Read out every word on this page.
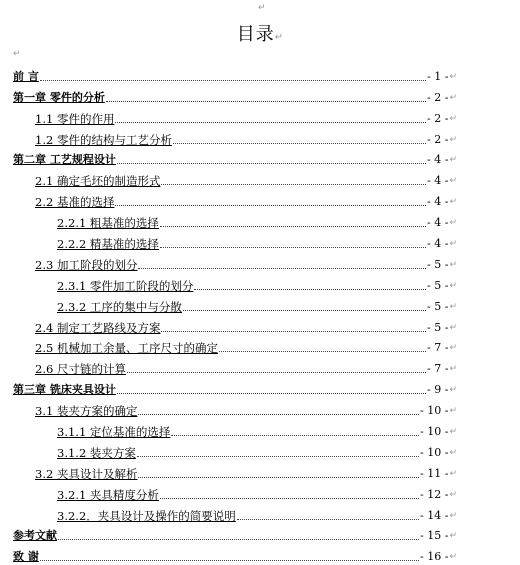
↵
目录↵
↵
前 言	- 1 - ↵
第一章 零件的分析	- 2 - ↵
1.1 零件的作用	- 2 - ↵
1.2 零件的结构与工艺分析	- 2 - ↵
第二章 工艺规程设计	- 4 - ↵
2.1 确定毛坯的制造形式	- 4 - ↵
2.2 基准的选择	- 4 - ↵
2.2.1 粗基准的选择	- 4 - ↵
2.2.2 精基准的选择	- 4 - ↵
2.3 加工阶段的划分	- 5 - ↵
2.3.1 零件加工阶段的划分	- 5 - ↵
2.3.2 工序的集中与分散	- 5 - ↵
2.4 制定工艺路线及方案	- 5 - ↵
2.5 机械加工余量、工序尺寸的确定	- 7 - ↵
2.6 尺寸链的计算	- 7 - ↵
第三章 铣床夹具设计	- 9 - ↵
3.1 装夹方案的确定	- 10 - ↵
3.1.1 定位基准的选择	- 10 - ↵
3.1.2 装夹方案	- 10 - ↵
3.2 夹具设计及解析	- 11 - ↵
3.2.1 夹具精度分析	- 12 - ↵
3.2.2．夹具设计及操作的简要说明	- 14 - ↵
参考文献	- 15 - ↵
致 谢	- 16 - ↵
